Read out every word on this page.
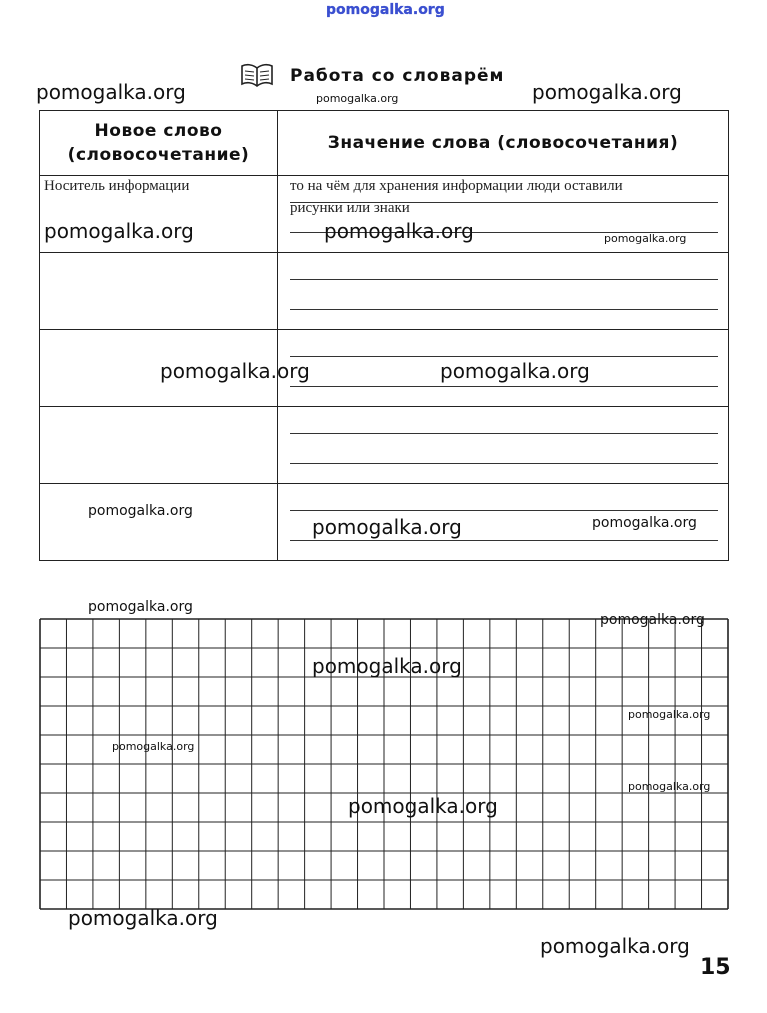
pomogalka.org
pomogalka.org	pomogalka.org
pomogalka.org
Работа со словарём
Новое слово
(словосочетание)	Значение слова (словосочетания)

Носитель информации	то на чём для хранения информации люди оставили
рисунки или знаки

pomogalka.org	pomogalka.org	pomogalka.org
pomogalka.org	pomogalka.org
pomogalka.org
pomogalka.org	pomogalka.org
pomogalka.org
pomogalka.org
pomogalka.org
pomogalka.org
pomogalka.org
pomogalka.org
pomogalka.org
pomogalka.org
pomogalka.org
15
